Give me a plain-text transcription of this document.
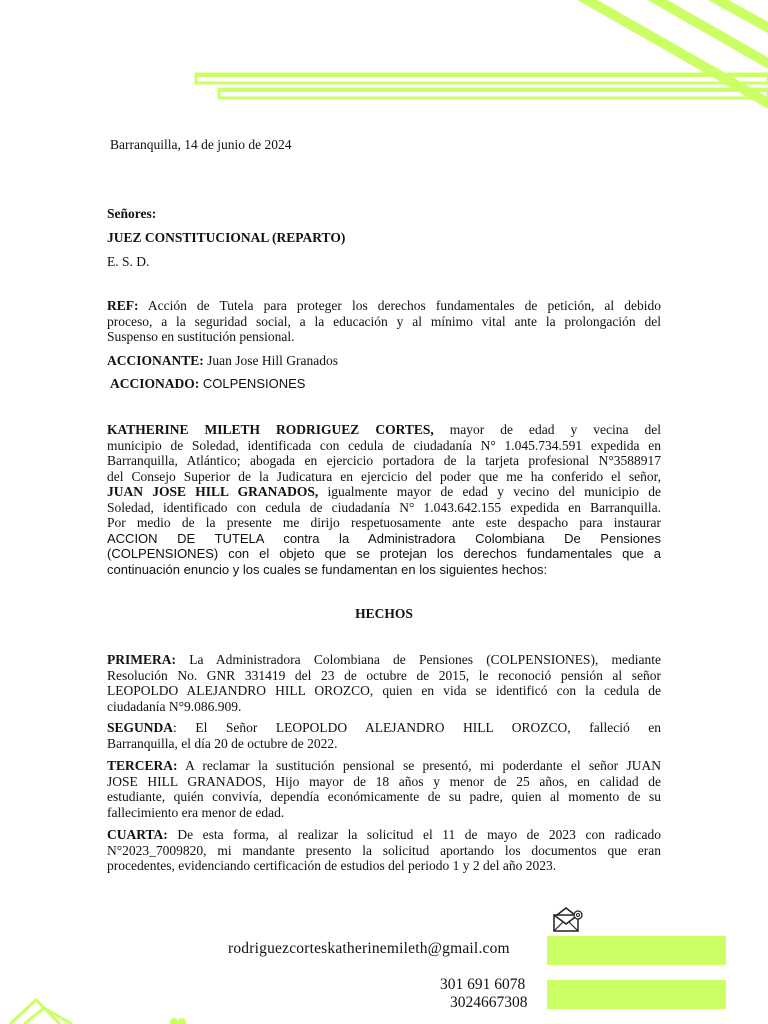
Barranquilla, 14 de junio de 2024
Señores:
JUEZ CONSTITUCIONAL (REPARTO)
E. S. D.
REF: Acción de Tutela para proteger los derechos fundamentales de petición, al debido
proceso, a la seguridad social, a la educación y al mínimo vital ante la prolongación del
Suspenso en sustitución pensional.
ACCIONANTE: Juan Jose Hill Granados
ACCIONADO: COLPENSIONES
KATHERINE MILETH RODRIGUEZ CORTES, mayor de edad y vecina del
municipio de Soledad, identificada con cedula de ciudadanía N° 1.045.734.591 expedida en
Barranquilla, Atlántico; abogada en ejercicio portadora de la tarjeta profesional N°3588917
del Consejo Superior de la Judicatura en ejercicio del poder que me ha conferido el señor,
JUAN JOSE HILL GRANADOS, igualmente mayor de edad y vecino del municipio de
Soledad, identificado con cedula de ciudadanía N° 1.043.642.155 expedida en Barranquilla.
Por medio de la presente me dirijo respetuosamente ante este despacho para instaurar
ACCION DE TUTELA contra la Administradora Colombiana De Pensiones
(COLPENSIONES) con el objeto que se protejan los derechos fundamentales que a
continuación enuncio y los cuales se fundamentan en los siguientes hechos:
HECHOS
PRIMERA: La Administradora Colombiana de Pensiones (COLPENSIONES), mediante
Resolución No. GNR 331419 del 23 de octubre de 2015, le reconoció pensión al señor
LEOPOLDO ALEJANDRO HILL OROZCO, quien en vida se identificó con la cedula de
ciudadanía N°9.086.909.
SEGUNDA: El Señor LEOPOLDO ALEJANDRO HILL OROZCO, falleció en
Barranquilla, el día 20 de octubre de 2022.
TERCERA: A reclamar la sustitución pensional se presentó, mi poderdante el señor JUAN
JOSE HILL GRANADOS, Hijo mayor de 18 años y menor de 25 años, en calidad de
estudiante, quién convivía, dependía económicamente de su padre, quien al momento de su
fallecimiento era menor de edad.
CUARTA: De esta forma, al realizar la solicitud el 11 de mayo de 2023 con radicado
N°2023_7009820, mi mandante presento la solicitud aportando los documentos que eran
procedentes, evidenciando certificación de estudios del periodo 1 y 2 del año 2023.
rodriguezcorteskatherinemileth@gmail.com
301 691 6078
3024667308
